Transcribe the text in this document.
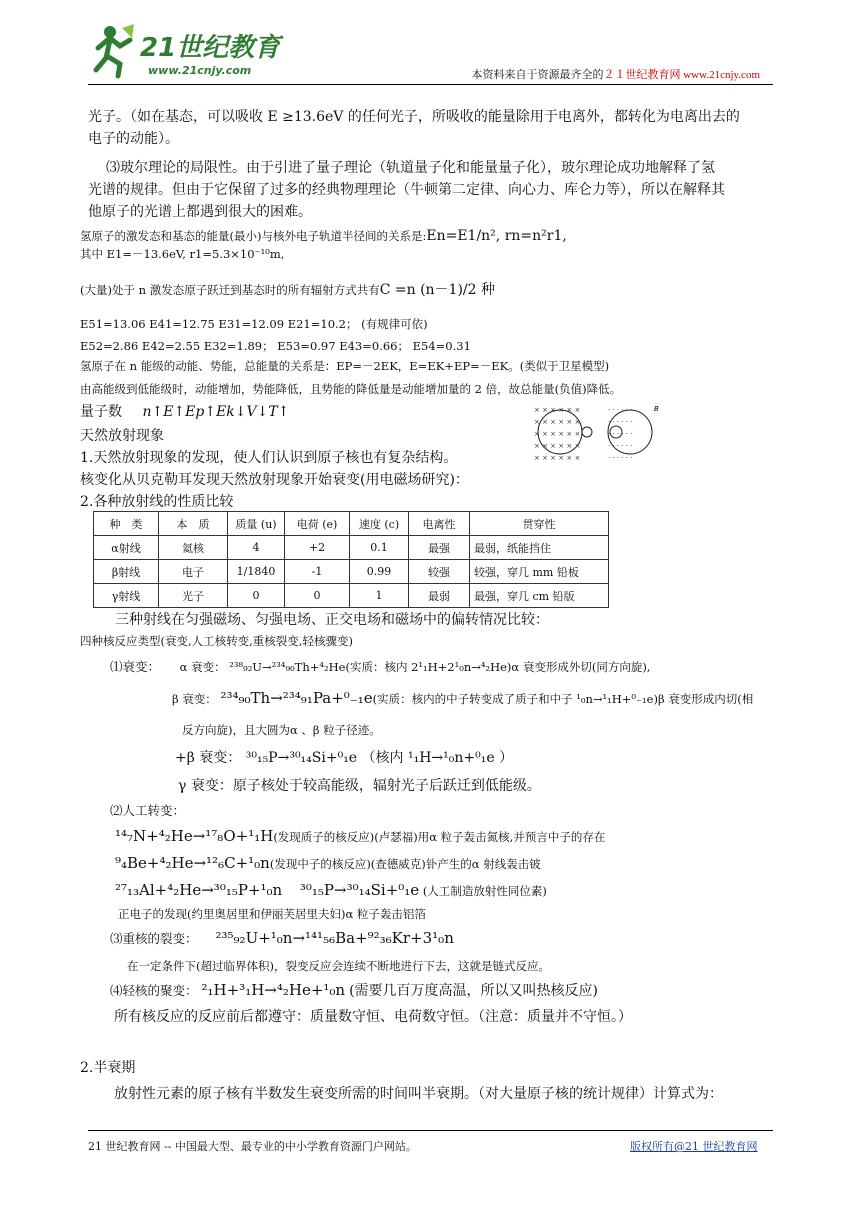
21世纪教育
www.21cnjy.com	本资料来自于资源最齐全的２１世纪教育网 www.21cnjy.com
光子。（如在基态，可以吸收 E ≥13.6eV 的任何光子，所吸收的能量除用于电离外，都转化为电离出去的
电子的动能）。
⑶玻尔理论的局限性。由于引进了量子理论（轨道量子化和能量量子化），玻尔理论成功地解释了氢
光谱的规律。但由于它保留了过多的经典物理理论（牛顿第二定律、向心力、库仑力等），所以在解释其
他原子的光谱上都遇到很大的困难。
氢原子的激发态和基态的能量(最小)与核外电子轨道半径间的关系是:En=E1/n², rn=n²r1,
其中 E1=－13.6eV, r1=5.3×10⁻¹⁰m,
(大量)处于 n 激发态原子跃迁到基态时的所有辐射方式共有C =n (n－1)/2 种
E51=13.06 E41=12.75 E31=12.09 E21=10.2； (有规律可依)
E52=2.86 E42=2.55 E32=1.89； E53=0.97 E43=0.66； E54=0.31
氢原子在 n 能级的动能、势能，总能量的关系是：EP=－2EK，E=EK+EP=－EK。(类似于卫星模型)
由高能级到低能级时，动能增加，势能降低，且势能的降低量是动能增加量的 2 倍，故总能量(负值)降低。
量子数 n↑E↑Ep↑Ek↓V↓T↑
天然放射现象
1.天然放射现象的发现，使人们认识到原子核也有复杂结构。
核变化从贝克勒耳发现天然放射现象开始衰变(用电磁场研究)：
2.各种放射线的性质比较
× × × × × ×
× × × × × ×
× × × × × ×
× × × × × ×
× × × × × ×
· · · · · ·
· · · · · ·
· · · · · ·
· · · · · ·
· · · · · ·
B
种　类	本　质	质量 (u)	电荷 (e)	速度 (c)	电离性	贯穿性
α射线	氦核	4	+2	0.1	最强	最弱，纸能挡住
β射线	电子	1/1840	-1	0.99	较强	较强，穿几 mm 铅板
γ射线	光子	0	0	1	最弱	最强，穿几 cm 铅版
三种射线在匀强磁场、匀强电场、正交电场和磁场中的偏转情况比较：
四种核反应类型(衰变,人工核转变,重核裂变,轻核骤变)
⑴衰变： α 衰变： ²³⁸₉₂U→²³⁴₉₀Th+⁴₂He(实质：核内 2¹₁H+2¹₀n→⁴₂He)α 衰变形成外切(同方向旋),
β 衰变： ²³⁴₉₀Th→²³⁴₉₁Pa+⁰₋₁e(实质：核内的中子转变成了质子和中子 ¹₀n→¹₁H+⁰₋₁e)β 衰变形成内切(相
反方向旋)，且大圆为α 、β 粒子径迹。
+β 衰变： ³⁰₁₅P→³⁰₁₄Si+⁰₁e （核内 ¹₁H→¹₀n+⁰₁e ）
γ 衰变：原子核处于较高能级，辐射光子后跃迁到低能级。
⑵人工转变：
¹⁴₇N+⁴₂He→¹⁷₈O+¹₁H(发现质子的核反应)(卢瑟福)用α 粒子轰击氮核,并预言中子的存在
⁹₄Be+⁴₂He→¹²₆C+¹₀n(发现中子的核反应)(查德威克)钋产生的α 射线轰击铍
²⁷₁₃Al+⁴₂He→³⁰₁₅P+¹₀n ³⁰₁₅P→³⁰₁₄Si+⁰₁e (人工制造放射性同位素)
正电子的发现(约里奥居里和伊丽芙居里夫妇)α 粒子轰击铝箔
⑶重核的裂变： ²³⁵₉₂U+¹₀n→¹⁴¹₅₆Ba+⁹²₃₆Kr+3¹₀n
在一定条件下(超过临界体积)，裂变反应会连续不断地进行下去，这就是链式反应。
⑷轻核的聚变： ²₁H+³₁H→⁴₂He+¹₀n (需要几百万度高温，所以又叫热核反应)
所有核反应的反应前后都遵守：质量数守恒、电荷数守恒。（注意：质量并不守恒。）
2.半衰期
放射性元素的原子核有半数发生衰变所需的时间叫半衰期。（对大量原子核的统计规律）计算式为：
21 世纪教育网 -- 中国最大型、最专业的中小学教育资源门户网站。	版权所有@21 世纪教育网
